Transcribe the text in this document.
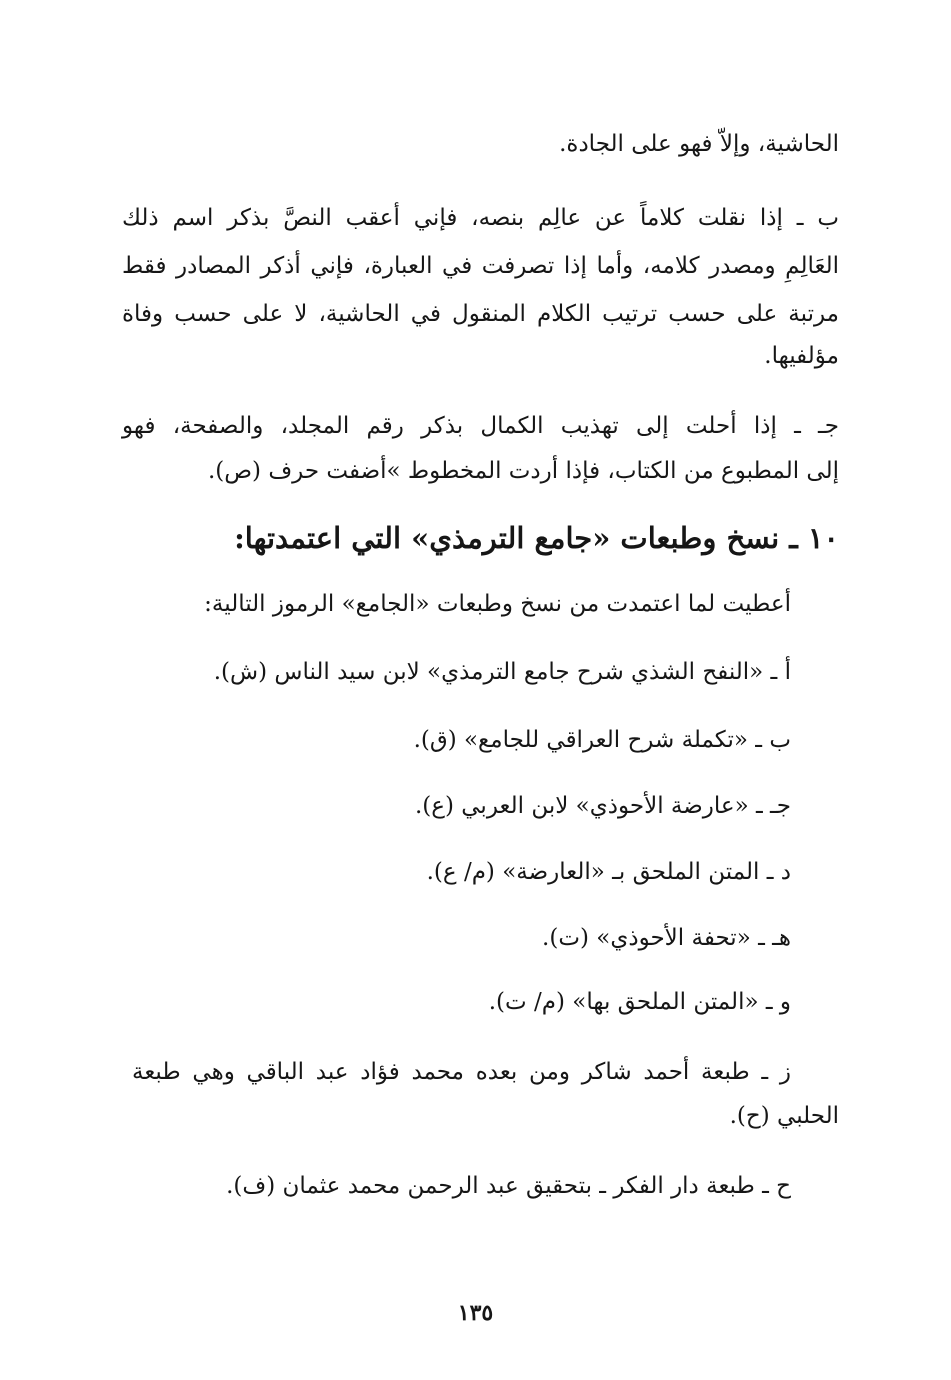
الحاشية، وإلاّ فهو على الجادة.
ب ـ إذا نقلت كلاماً عن عالِم بنصه، فإني أعقب النصَّ بذكر اسم ذلك
العَالِمِ ومصدر كلامه، وأما إذا تصرفت في العبارة، فإني أذكر المصادر فقط
مرتبة على حسب ترتيب الكلام المنقول في الحاشية، لا على حسب وفاة
مؤلفيها.
جـ ـ إذا أحلت إلى تهذيب الكمال بذكر رقم المجلد، والصفحة، فهو
إلى المطبوع من الكتاب، فإذا أردت المخطوط »أضفت حرف (ص).
١٠ ـ نسخ وطبعات «جامع الترمذي» التي اعتمدتها:
أعطيت لما اعتمدت من نسخ وطبعات «الجامع» الرموز التالية:
أ ـ «النفح الشذي شرح جامع الترمذي» لابن سيد الناس (ش).
ب ـ «تكملة شرح العراقي للجامع» (ق).
جـ ـ «عارضة الأحوذي» لابن العربي (ع).
د ـ المتن الملحق بـ «العارضة» (م/ ع).
هـ ـ «تحفة الأحوذي» (ت).
و ـ «المتن الملحق بها» (م/ ت).
ز ـ طبعة أحمد شاكر ومن بعده محمد فؤاد عبد الباقي وهي طبعة
الحلبي (ح).
ح ـ طبعة دار الفكر ـ بتحقيق عبد الرحمن محمد عثمان (ف).
١٣٥
